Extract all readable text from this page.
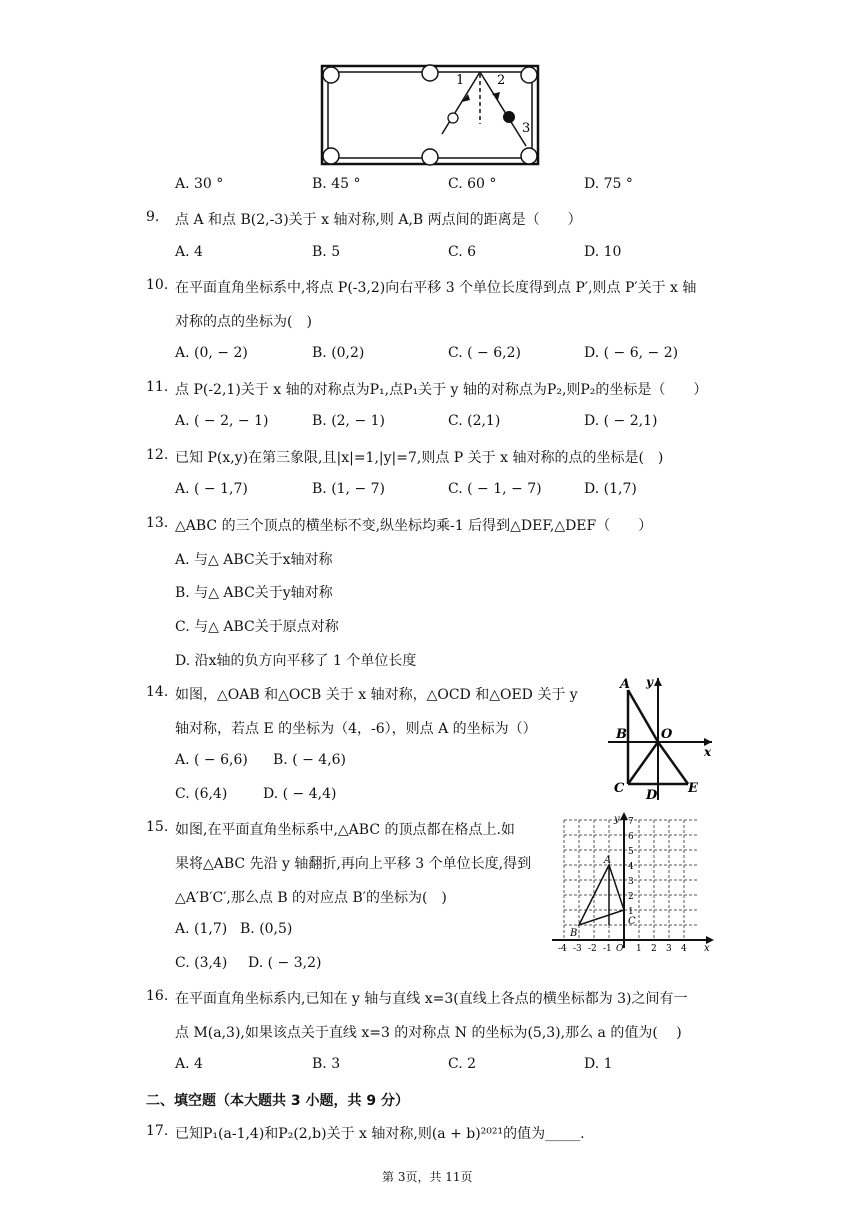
1	2
3
A. 30 °	B. 45 °	C. 60 °	D. 75 °
9. 点 A 和点 B(2,-3)关于 x 轴对称,则 A,B 两点间的距离是（　　）
A. 4	B. 5	C. 6	D. 10
10. 在平面直角坐标系中,将点 P(-3,2)向右平移 3 个单位长度得到点 P′,则点 P′关于 x 轴
对称的点的坐标为(　)
A. (0, − 2)	B. (0,2)	C. ( − 6,2)	D. ( − 6, − 2)
11. 点 P(-2,1)关于 x 轴的对称点为P₁,点P₁关于 y 轴的对称点为P₂,则P₂的坐标是（　　）
A. ( − 2, − 1)	B. (2, − 1)	C. (2,1)	D. ( − 2,1)
12. 已知 P(x,y)在第三象限,且|x|=1,|y|=7,则点 P 关于 x 轴对称的点的坐标是(　)
A. ( − 1,7)	B. (1, − 7)	C. ( − 1, − 7)	D. (1,7)
13. △ABC 的三个顶点的横坐标不变,纵坐标均乘-1 后得到△DEF,△DEF（　　）
A. 与△ ABC关于x轴对称
B. 与△ ABC关于y轴对称
C. 与△ ABC关于原点对称
D. 沿x轴的负方向平移了 1 个单位长度
14. 如图，△OAB 和△OCB 关于 x 轴对称，△OCD 和△OED 关于 y
轴对称，若点 E 的坐标为（4，-6），则点 A 的坐标为（）
A. ( − 6,6) B. ( − 4,6)
C. (6,4)	D. ( − 4,4)
A
B
C D E
O
x
y
15. 如图,在平面直角坐标系中,△ABC 的顶点都在格点上.如
果将△ABC 先沿 y 轴翻折,再向上平移 3 个单位长度,得到
△A′B′C′,那么点 B 的对应点 B′的坐标为(　)
A. (1,7) B. (0,5)
C. (3,4) D. ( − 3,2)
7
6
5
4
3
2
1
-4 -3 -2 -1 O 1 2 3 4
A
B
C
x
y
16. 在平面直角坐标系内,已知在 y 轴与直线 x=3(直线上各点的横坐标都为 3)之间有一
点 M(a,3),如果该点关于直线 x=3 的对称点 N 的坐标为(5,3),那么 a 的值为(　 )
A. 4	B. 3	C. 2	D. 1
二、填空题（本大题共 3 小题，共 9 分）
17. 已知P₁(a-1,4)和P₂(2,b)关于 x 轴对称,则(a + b)²⁰²¹的值为_____.
第 3页，共 11页
